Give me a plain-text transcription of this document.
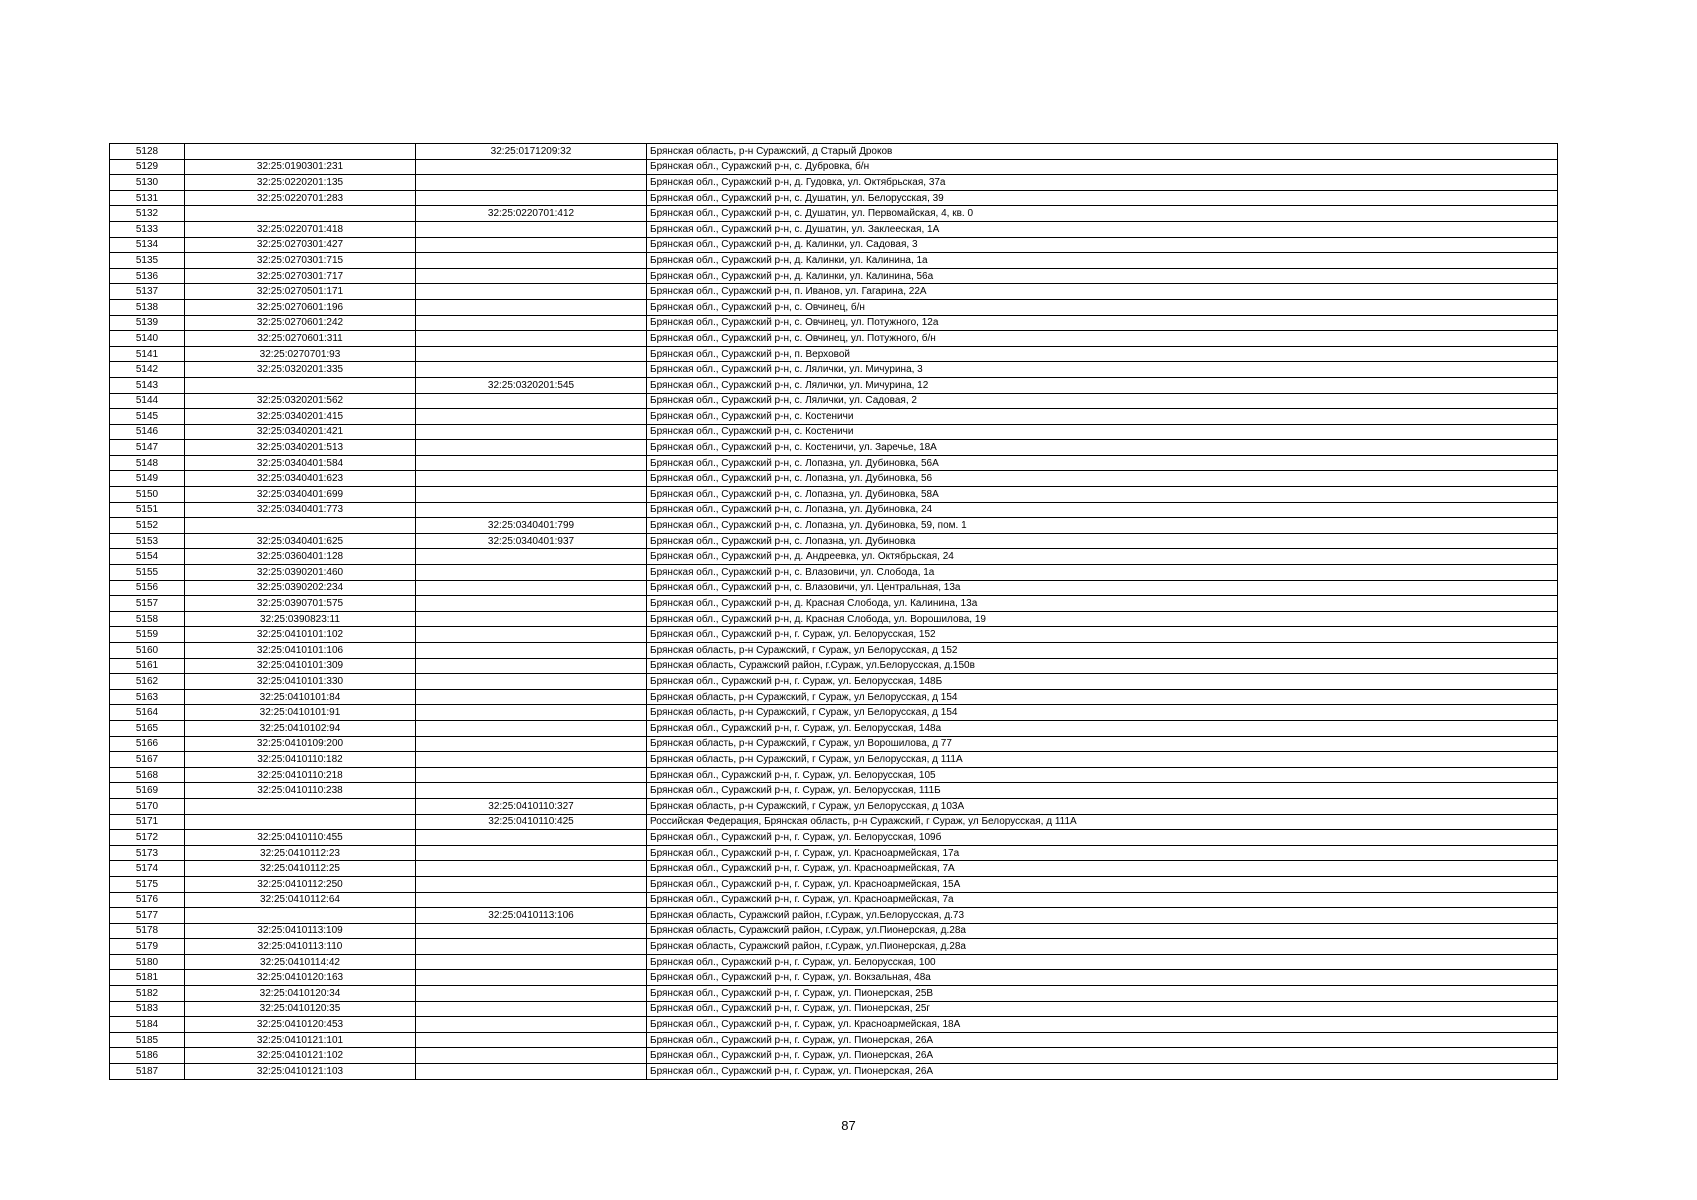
5128		32:25:0171209:32	Брянская область, р-н Суражский, д Старый Дроков
5129	32:25:0190301:231		Брянская обл., Суражский р-н, с. Дубровка, б/н
5130	32:25:0220201:135		Брянская обл., Суражский р-н, д. Гудовка, ул. Октябрьская, 37а
5131	32:25:0220701:283		Брянская обл., Суражский р-н, с. Душатин, ул. Белорусская, 39
5132		32:25:0220701:412	Брянская обл., Суражский р-н, с. Душатин, ул. Первомайская, 4, кв. 0
5133	32:25:0220701:418		Брянская обл., Суражский р-н, с. Душатин, ул. Заклееская, 1А
5134	32:25:0270301:427		Брянская обл., Суражский р-н, д. Калинки, ул. Садовая, 3
5135	32:25:0270301:715		Брянская обл., Суражский р-н, д. Калинки, ул. Калинина, 1а
5136	32:25:0270301:717		Брянская обл., Суражский р-н, д. Калинки, ул. Калинина, 56а
5137	32:25:0270501:171		Брянская обл., Суражский р-н, п. Иванов, ул. Гагарина, 22А
5138	32:25:0270601:196		Брянская обл., Суражский р-н, с. Овчинец, б/н
5139	32:25:0270601:242		Брянская обл., Суражский р-н, с. Овчинец, ул. Потужного, 12а
5140	32:25:0270601:311		Брянская обл., Суражский р-н, с. Овчинец, ул. Потужного, б/н
5141	32:25:0270701:93		Брянская обл., Суражский р-н, п. Верховой
5142	32:25:0320201:335		Брянская обл., Суражский р-н, с. Лялички, ул. Мичурина, 3
5143		32:25:0320201:545	Брянская обл., Суражский р-н, с. Лялички, ул. Мичурина, 12
5144	32:25:0320201:562		Брянская обл., Суражский р-н, с. Лялички, ул. Садовая, 2
5145	32:25:0340201:415		Брянская обл., Суражский р-н, с. Костеничи
5146	32:25:0340201:421		Брянская обл., Суражский р-н, с. Костеничи
5147	32:25:0340201:513		Брянская обл., Суражский р-н, с. Костеничи, ул. Заречье, 18А
5148	32:25:0340401:584		Брянская обл., Суражский р-н, с. Лопазна, ул. Дубиновка, 56А
5149	32:25:0340401:623		Брянская обл., Суражский р-н, с. Лопазна, ул. Дубиновка, 56
5150	32:25:0340401:699		Брянская обл., Суражский р-н, с. Лопазна, ул. Дубиновка, 58А
5151	32:25:0340401:773		Брянская обл., Суражский р-н, с. Лопазна, ул. Дубиновка, 24
5152		32:25:0340401:799	Брянская обл., Суражский р-н, с. Лопазна, ул. Дубиновка, 59, пом. 1
5153	32:25:0340401:625	32:25:0340401:937	Брянская обл., Суражский р-н, с. Лопазна, ул. Дубиновка
5154	32:25:0360401:128		Брянская обл., Суражский р-н, д. Андреевка, ул. Октябрьская, 24
5155	32:25:0390201:460		Брянская обл., Суражский р-н, с. Влазовичи, ул. Слобода, 1а
5156	32:25:0390202:234		Брянская обл., Суражский р-н, с. Влазовичи, ул. Центральная, 13а
5157	32:25:0390701:575		Брянская обл., Суражский р-н, д. Красная Слобода, ул. Калинина, 13а
5158	32:25:0390823:11		Брянская обл., Суражский р-н, д. Красная Слобода, ул. Ворошилова, 19
5159	32:25:0410101:102		Брянская обл., Суражский р-н, г. Сураж, ул. Белорусская, 152
5160	32:25:0410101:106		Брянская область, р-н Суражский, г Сураж, ул Белорусская, д 152
5161	32:25:0410101:309		Брянская область, Суражский район, г.Сураж, ул.Белорусская, д.150в
5162	32:25:0410101:330		Брянская обл., Суражский р-н, г. Сураж, ул. Белорусская, 148Б
5163	32:25:0410101:84		Брянская область, р-н Суражский, г Сураж, ул Белорусская, д 154
5164	32:25:0410101:91		Брянская область, р-н Суражский, г Сураж, ул Белорусская, д 154
5165	32:25:0410102:94		Брянская обл., Суражский р-н, г. Сураж, ул. Белорусская, 148а
5166	32:25:0410109:200		Брянская область, р-н Суражский, г Сураж, ул Ворошилова, д 77
5167	32:25:0410110:182		Брянская область, р-н Суражский, г Сураж, ул Белорусская, д 111А
5168	32:25:0410110:218		Брянская обл., Суражский р-н, г. Сураж, ул. Белорусская, 105
5169	32:25:0410110:238		Брянская обл., Суражский р-н, г. Сураж, ул. Белорусская, 111Б
5170		32:25:0410110:327	Брянская область, р-н Суражский, г Сураж, ул Белорусская, д 103А
5171		32:25:0410110:425	Российская Федерация, Брянская область, р-н Суражский, г Сураж, ул Белорусская, д 111А
5172	32:25:0410110:455		Брянская обл., Суражский р-н, г. Сураж, ул. Белорусская, 109б
5173	32:25:0410112:23		Брянская обл., Суражский р-н, г. Сураж, ул. Красноармейская, 17а
5174	32:25:0410112:25		Брянская обл., Суражский р-н, г. Сураж, ул. Красноармейская, 7А
5175	32:25:0410112:250		Брянская обл., Суражский р-н, г. Сураж, ул. Красноармейская, 15А
5176	32:25:0410112:64		Брянская обл., Суражский р-н, г. Сураж, ул. Красноармейская, 7а
5177		32:25:0410113:106	Брянская область, Суражский район, г.Сураж, ул.Белорусская, д.73
5178	32:25:0410113:109		Брянская область, Суражский район, г.Сураж, ул.Пионерская, д.28а
5179	32:25:0410113:110		Брянская область, Суражский район, г.Сураж, ул.Пионерская, д.28а
5180	32:25:0410114:42		Брянская обл., Суражский р-н, г. Сураж, ул. Белорусская, 100
5181	32:25:0410120:163		Брянская обл., Суражский р-н, г. Сураж, ул. Вокзальная, 48а
5182	32:25:0410120:34		Брянская обл., Суражский р-н, г. Сураж, ул. Пионерская, 25В
5183	32:25:0410120:35		Брянская обл., Суражский р-н, г. Сураж, ул. Пионерская, 25г
5184	32:25:0410120:453		Брянская обл., Суражский р-н, г. Сураж, ул. Красноармейская, 18А
5185	32:25:0410121:101		Брянская обл., Суражский р-н, г. Сураж, ул. Пионерская, 26А
5186	32:25:0410121:102		Брянская обл., Суражский р-н, г. Сураж, ул. Пионерская, 26А
5187	32:25:0410121:103		Брянская обл., Суражский р-н, г. Сураж, ул. Пионерская, 26А
87
